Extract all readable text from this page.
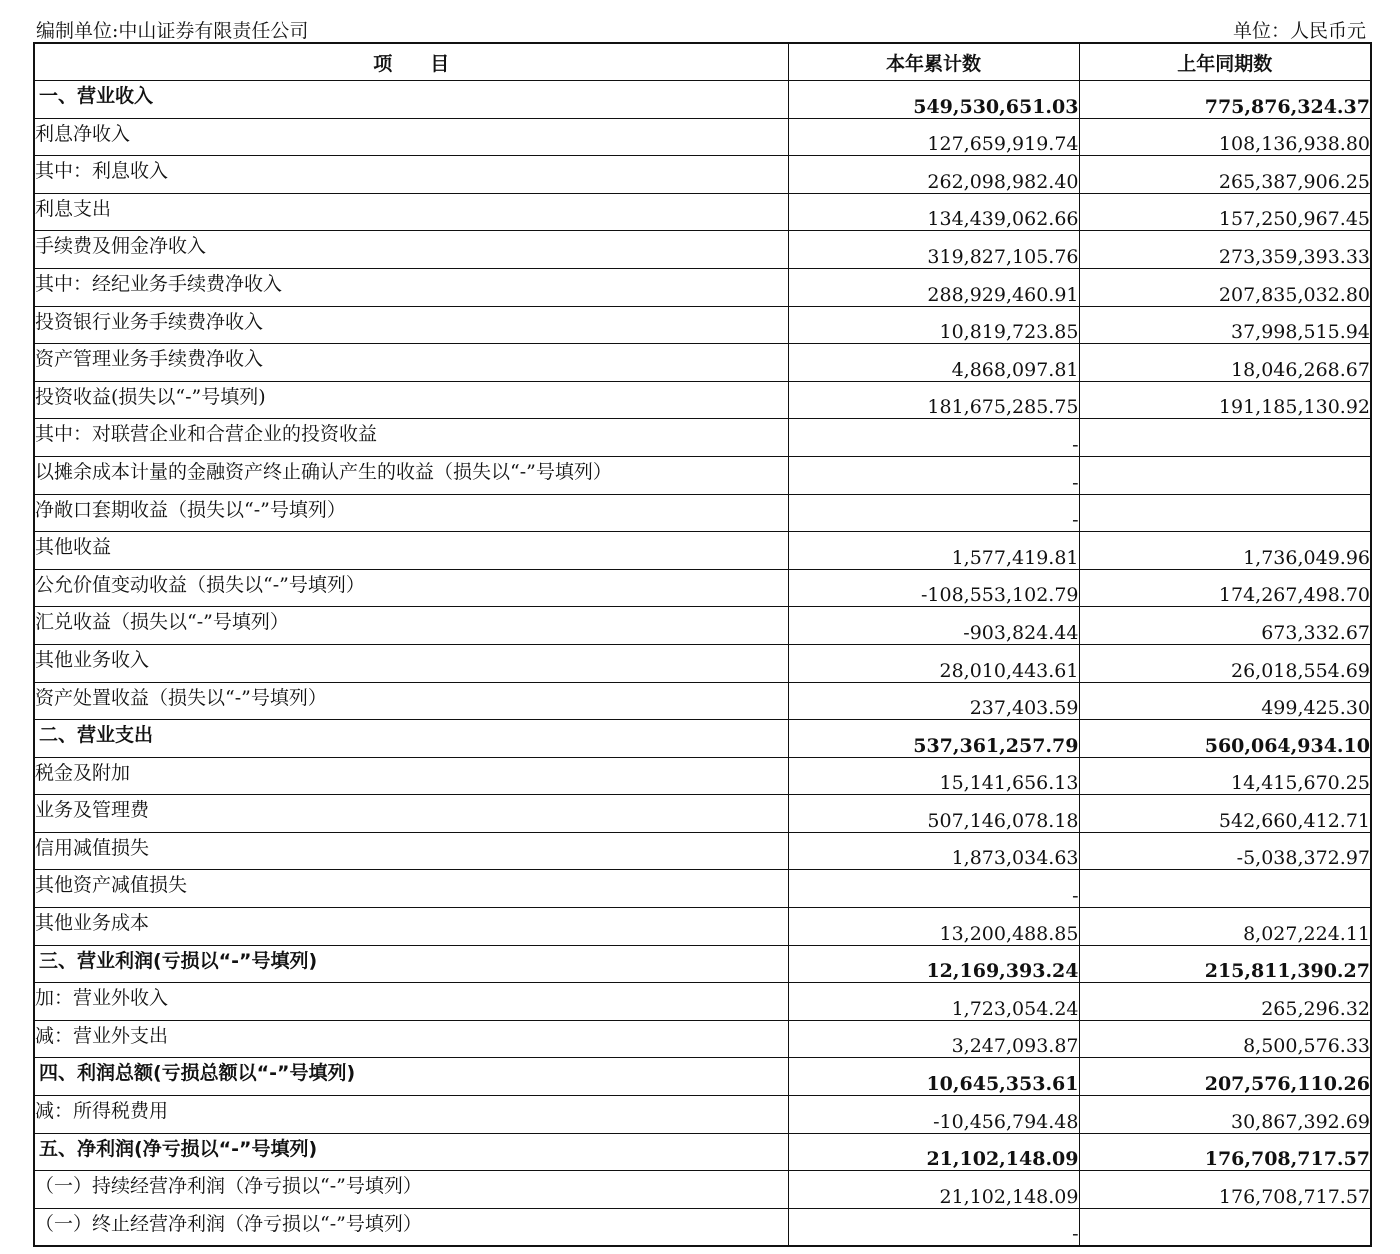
编制单位:中山证券有限责任公司	单位：人民币元
项　　目	本年累计数	上年同期数
一、营业收入	549,530,651.03	775,876,324.37
利息净收入	127,659,919.74	108,136,938.80
其中：利息收入	262,098,982.40	265,387,906.25
利息支出	134,439,062.66	157,250,967.45
手续费及佣金净收入	319,827,105.76	273,359,393.33
其中：经纪业务手续费净收入	288,929,460.91	207,835,032.80
投资银行业务手续费净收入	10,819,723.85	37,998,515.94
资产管理业务手续费净收入	4,868,097.81	18,046,268.67
投资收益(损失以“-”号填列)	181,675,285.75	191,185,130.92
其中：对联营企业和合营企业的投资收益	-	
以摊余成本计量的金融资产终止确认产生的收益（损失以“-”号填列）	-	
净敞口套期收益（损失以“-”号填列）	-	
其他收益	1,577,419.81	1,736,049.96
公允价值变动收益（损失以“-”号填列）	-108,553,102.79	174,267,498.70
汇兑收益（损失以“-”号填列）	-903,824.44	673,332.67
其他业务收入	28,010,443.61	26,018,554.69
资产处置收益（损失以“-”号填列）	237,403.59	499,425.30
二、营业支出	537,361,257.79	560,064,934.10
税金及附加	15,141,656.13	14,415,670.25
业务及管理费	507,146,078.18	542,660,412.71
信用减值损失	1,873,034.63	-5,038,372.97
其他资产减值损失	-	
其他业务成本	13,200,488.85	8,027,224.11
三、营业利润(亏损以“-”号填列)	12,169,393.24	215,811,390.27
加：营业外收入	1,723,054.24	265,296.32
减：营业外支出	3,247,093.87	8,500,576.33
四、利润总额(亏损总额以“-”号填列)	10,645,353.61	207,576,110.26
减：所得税费用	-10,456,794.48	30,867,392.69
五、净利润(净亏损以“-”号填列)	21,102,148.09	176,708,717.57
（一）持续经营净利润（净亏损以“-”号填列）	21,102,148.09	176,708,717.57
（一）终止经营净利润（净亏损以“-”号填列）	-	
